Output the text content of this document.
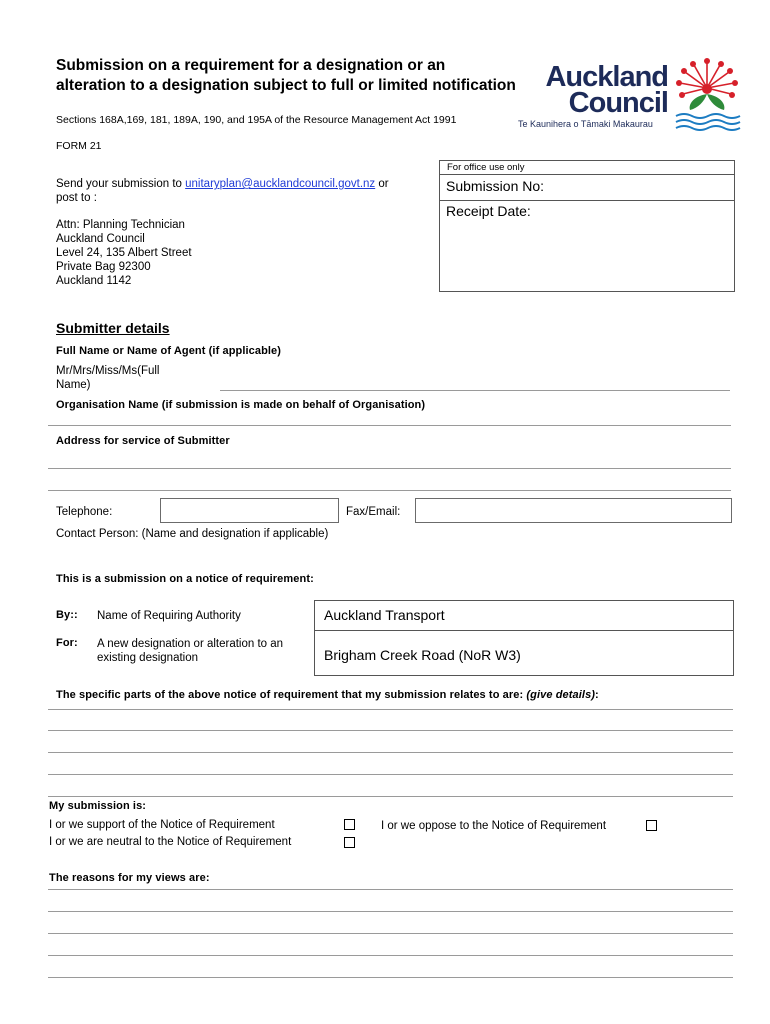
Submission on a requirement for a designation or an alteration to a designation subject to full or limited notification
Sections 168A,169, 181, 189A, 190, and 195A of the Resource Management Act 1991
FORM 21
Auckland
Council
Te Kaunihera o Tāmaki Makaurau
Send your submission to unitaryplan@aucklandcouncil.govt.nz or
post to :
Attn: Planning Technician
Auckland Council
Level 24, 135 Albert Street
Private Bag 92300
Auckland 1142
For office use only
Submission No:
Receipt Date:
Submitter details
Full Name or Name of Agent (if applicable)
Mr/Mrs/Miss/Ms(Full Name)
Organisation Name (if submission is made on behalf of Organisation)
Address for service of Submitter
Telephone:	Fax/Email:
Contact Person: (Name and designation if applicable)
This is a submission on a notice of requirement:
By:: Name of Requiring Authority
For: A new designation or alteration to an existing designation
Auckland Transport
Brigham Creek Road (NoR W3)
The specific parts of the above notice of requirement that my submission relates to are: (give details):
My submission is:
I or we support of the Notice of Requirement	I or we oppose to the Notice of Requirement
I or we are neutral to the Notice of Requirement
The reasons for my views are:
